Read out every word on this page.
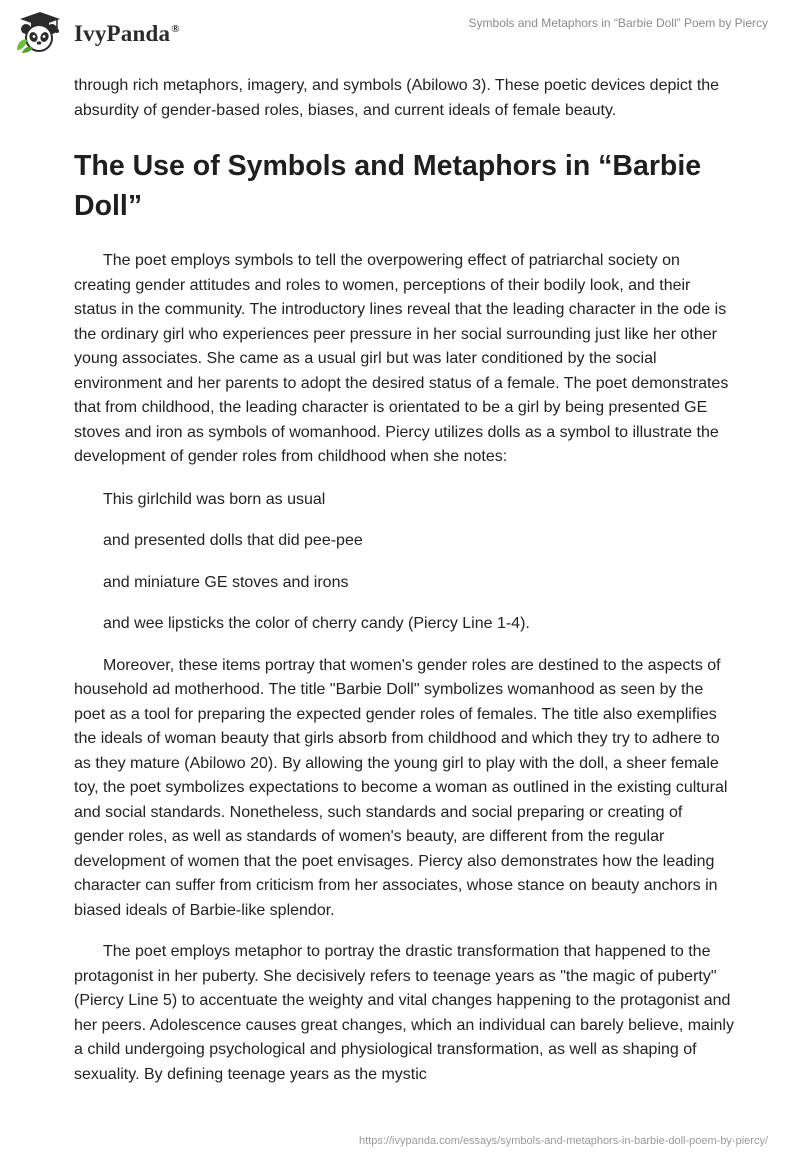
IvyPanda®	Symbols and Metaphors in “Barbie Doll” Poem by Piercy

through rich metaphors, imagery, and symbols (Abilowo 3). These poetic devices depict the absurdity of gender-based roles, biases, and current ideals of female beauty.

The Use of Symbols and Metaphors in “Barbie Doll”

The poet employs symbols to tell the overpowering effect of patriarchal society on creating gender attitudes and roles to women, perceptions of their bodily look, and their status in the community. The introductory lines reveal that the leading character in the ode is the ordinary girl who experiences peer pressure in her social surrounding just like her other young associates. She came as a usual girl but was later conditioned by the social environment and her parents to adopt the desired status of a female. The poet demonstrates that from childhood, the leading character is orientated to be a girl by being presented GE stoves and iron as symbols of womanhood. Piercy utilizes dolls as a symbol to illustrate the development of gender roles from childhood when she notes:

This girlchild was born as usual

and presented dolls that did pee-pee

and miniature GE stoves and irons

and wee lipsticks the color of cherry candy (Piercy Line 1-4).

Moreover, these items portray that women's gender roles are destined to the aspects of household ad motherhood. The title "Barbie Doll" symbolizes womanhood as seen by the poet as a tool for preparing the expected gender roles of females. The title also exemplifies the ideals of woman beauty that girls absorb from childhood and which they try to adhere to as they mature (Abilowo 20). By allowing the young girl to play with the doll, a sheer female toy, the poet symbolizes expectations to become a woman as outlined in the existing cultural and social standards. Nonetheless, such standards and social preparing or creating of gender roles, as well as standards of women's beauty, are different from the regular development of women that the poet envisages. Piercy also demonstrates how the leading character can suffer from criticism from her associates, whose stance on beauty anchors in biased ideals of Barbie-like splendor.

The poet employs metaphor to portray the drastic transformation that happened to the protagonist in her puberty. She decisively refers to teenage years as "the magic of puberty" (Piercy Line 5) to accentuate the weighty and vital changes happening to the protagonist and her peers. Adolescence causes great changes, which an individual can barely believe, mainly a child undergoing psychological and physiological transformation, as well as shaping of sexuality. By defining teenage years as the mystic

https://ivypanda.com/essays/symbols-and-metaphors-in-barbie-doll-poem-by-piercy/
